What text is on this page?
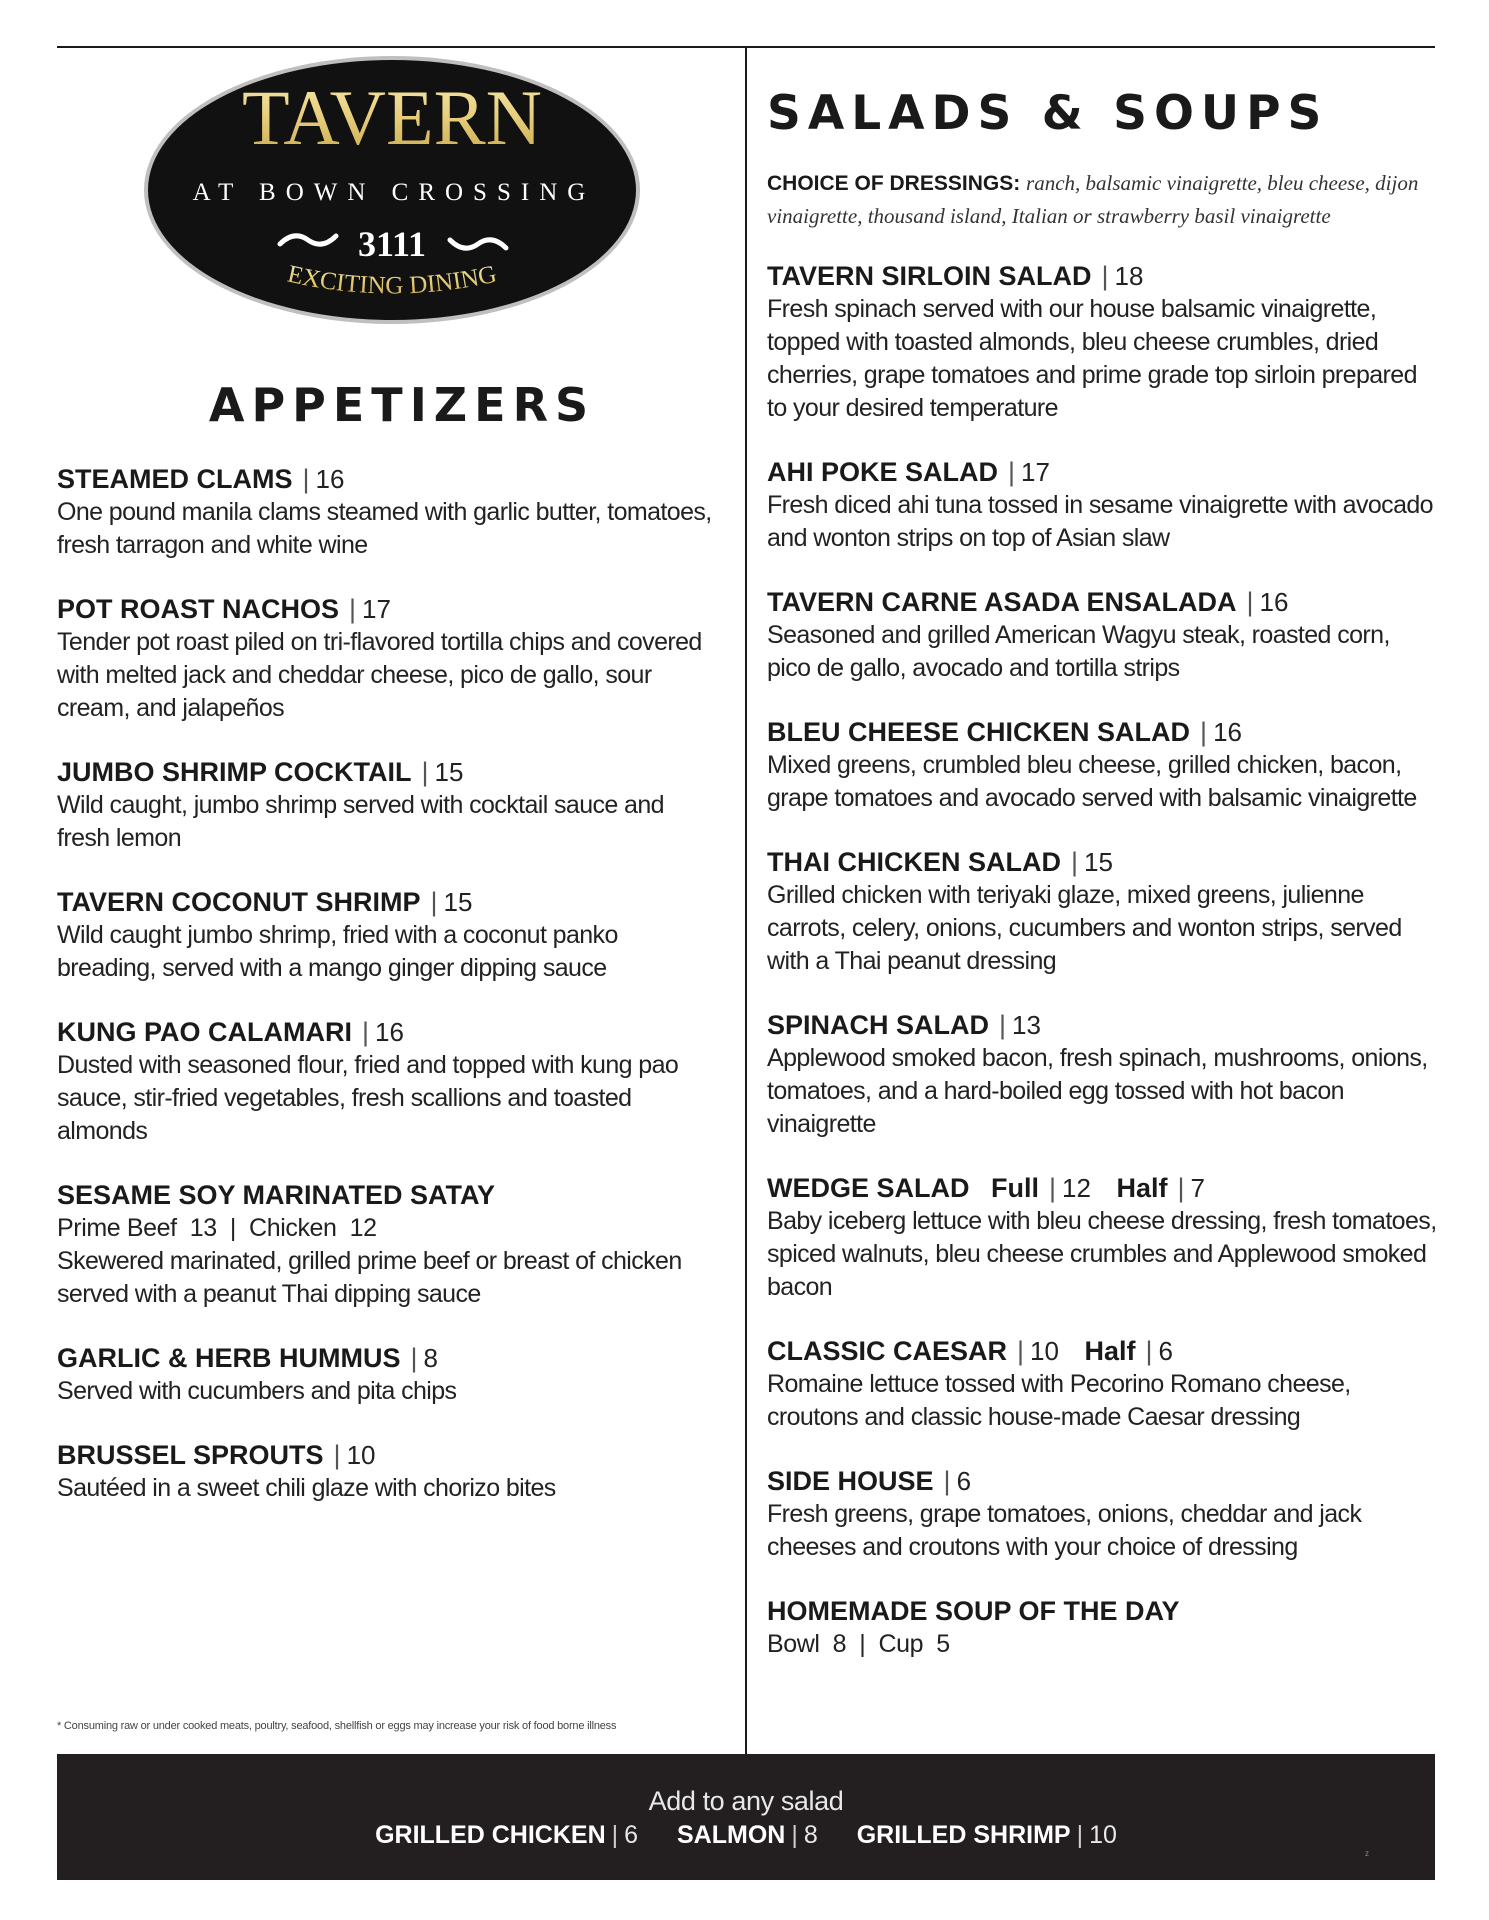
TAVERN
AT BOWN CROSSING
3111
EXCITING DINING
APPETIZERS
STEAMED CLAMS | 16
One pound manila clams steamed with garlic butter, tomatoes, fresh tarragon and white wine
POT ROAST NACHOS | 17
Tender pot roast piled on tri-flavored tortilla chips and covered with melted jack and cheddar cheese, pico de gallo, sour cream, and jalapeños
JUMBO SHRIMP COCKTAIL | 15
Wild caught, jumbo shrimp served with cocktail sauce and fresh lemon
TAVERN COCONUT SHRIMP | 15
Wild caught jumbo shrimp, fried with a coconut panko breading, served with a mango ginger dipping sauce
KUNG PAO CALAMARI | 16
Dusted with seasoned flour, fried and topped with kung pao sauce, stir-fried vegetables, fresh scallions and toasted almonds
SESAME SOY MARINATED SATAY
Prime Beef  13  |  Chicken  12
Skewered marinated, grilled prime beef or breast of chicken served with a peanut Thai dipping sauce
GARLIC & HERB HUMMUS | 8
Served with cucumbers and pita chips
BRUSSEL SPROUTS | 10
Sautéed in a sweet chili glaze with chorizo bites
SALADS & SOUPS
CHOICE OF DRESSINGS: ranch, balsamic vinaigrette, bleu cheese, dijon vinaigrette, thousand island, Italian or strawberry basil vinaigrette
TAVERN SIRLOIN SALAD | 18
Fresh spinach served with our house balsamic vinaigrette, topped with toasted almonds, bleu cheese crumbles, dried cherries, grape tomatoes and prime grade top sirloin prepared to your desired temperature
AHI POKE SALAD | 17
Fresh diced ahi tuna tossed in sesame vinaigrette with avocado and wonton strips on top of Asian slaw
TAVERN CARNE ASADA ENSALADA | 16
Seasoned and grilled American Wagyu steak, roasted corn, pico de gallo, avocado and tortilla strips
BLEU CHEESE CHICKEN SALAD | 16
Mixed greens, crumbled bleu cheese, grilled chicken, bacon, grape tomatoes and avocado served with balsamic vinaigrette
THAI CHICKEN SALAD | 15
Grilled chicken with teriyaki glaze, mixed greens, julienne carrots, celery, onions, cucumbers and wonton strips, served with a Thai peanut dressing
SPINACH SALAD | 13
Applewood smoked bacon, fresh spinach, mushrooms, onions, tomatoes, and a hard-boiled egg tossed with hot bacon vinaigrette
WEDGE SALAD Full | 12 Half | 7
Baby iceberg lettuce with bleu cheese dressing, fresh tomatoes, spiced walnuts, bleu cheese crumbles and Applewood smoked bacon
CLASSIC CAESAR | 10 Half | 6
Romaine lettuce tossed with Pecorino Romano cheese, croutons and classic house-made Caesar dressing
SIDE HOUSE | 6
Fresh greens, grape tomatoes, onions, cheddar and jack cheeses and croutons with your choice of dressing
HOMEMADE SOUP OF THE DAY
Bowl  8  |  Cup  5
* Consuming raw or under cooked meats, poultry, seafood, shellfish or eggs may increase your risk of food borne illness
Add to any salad
GRILLED CHICKEN | 6 SALMON | 8 GRILLED SHRIMP | 10
z
